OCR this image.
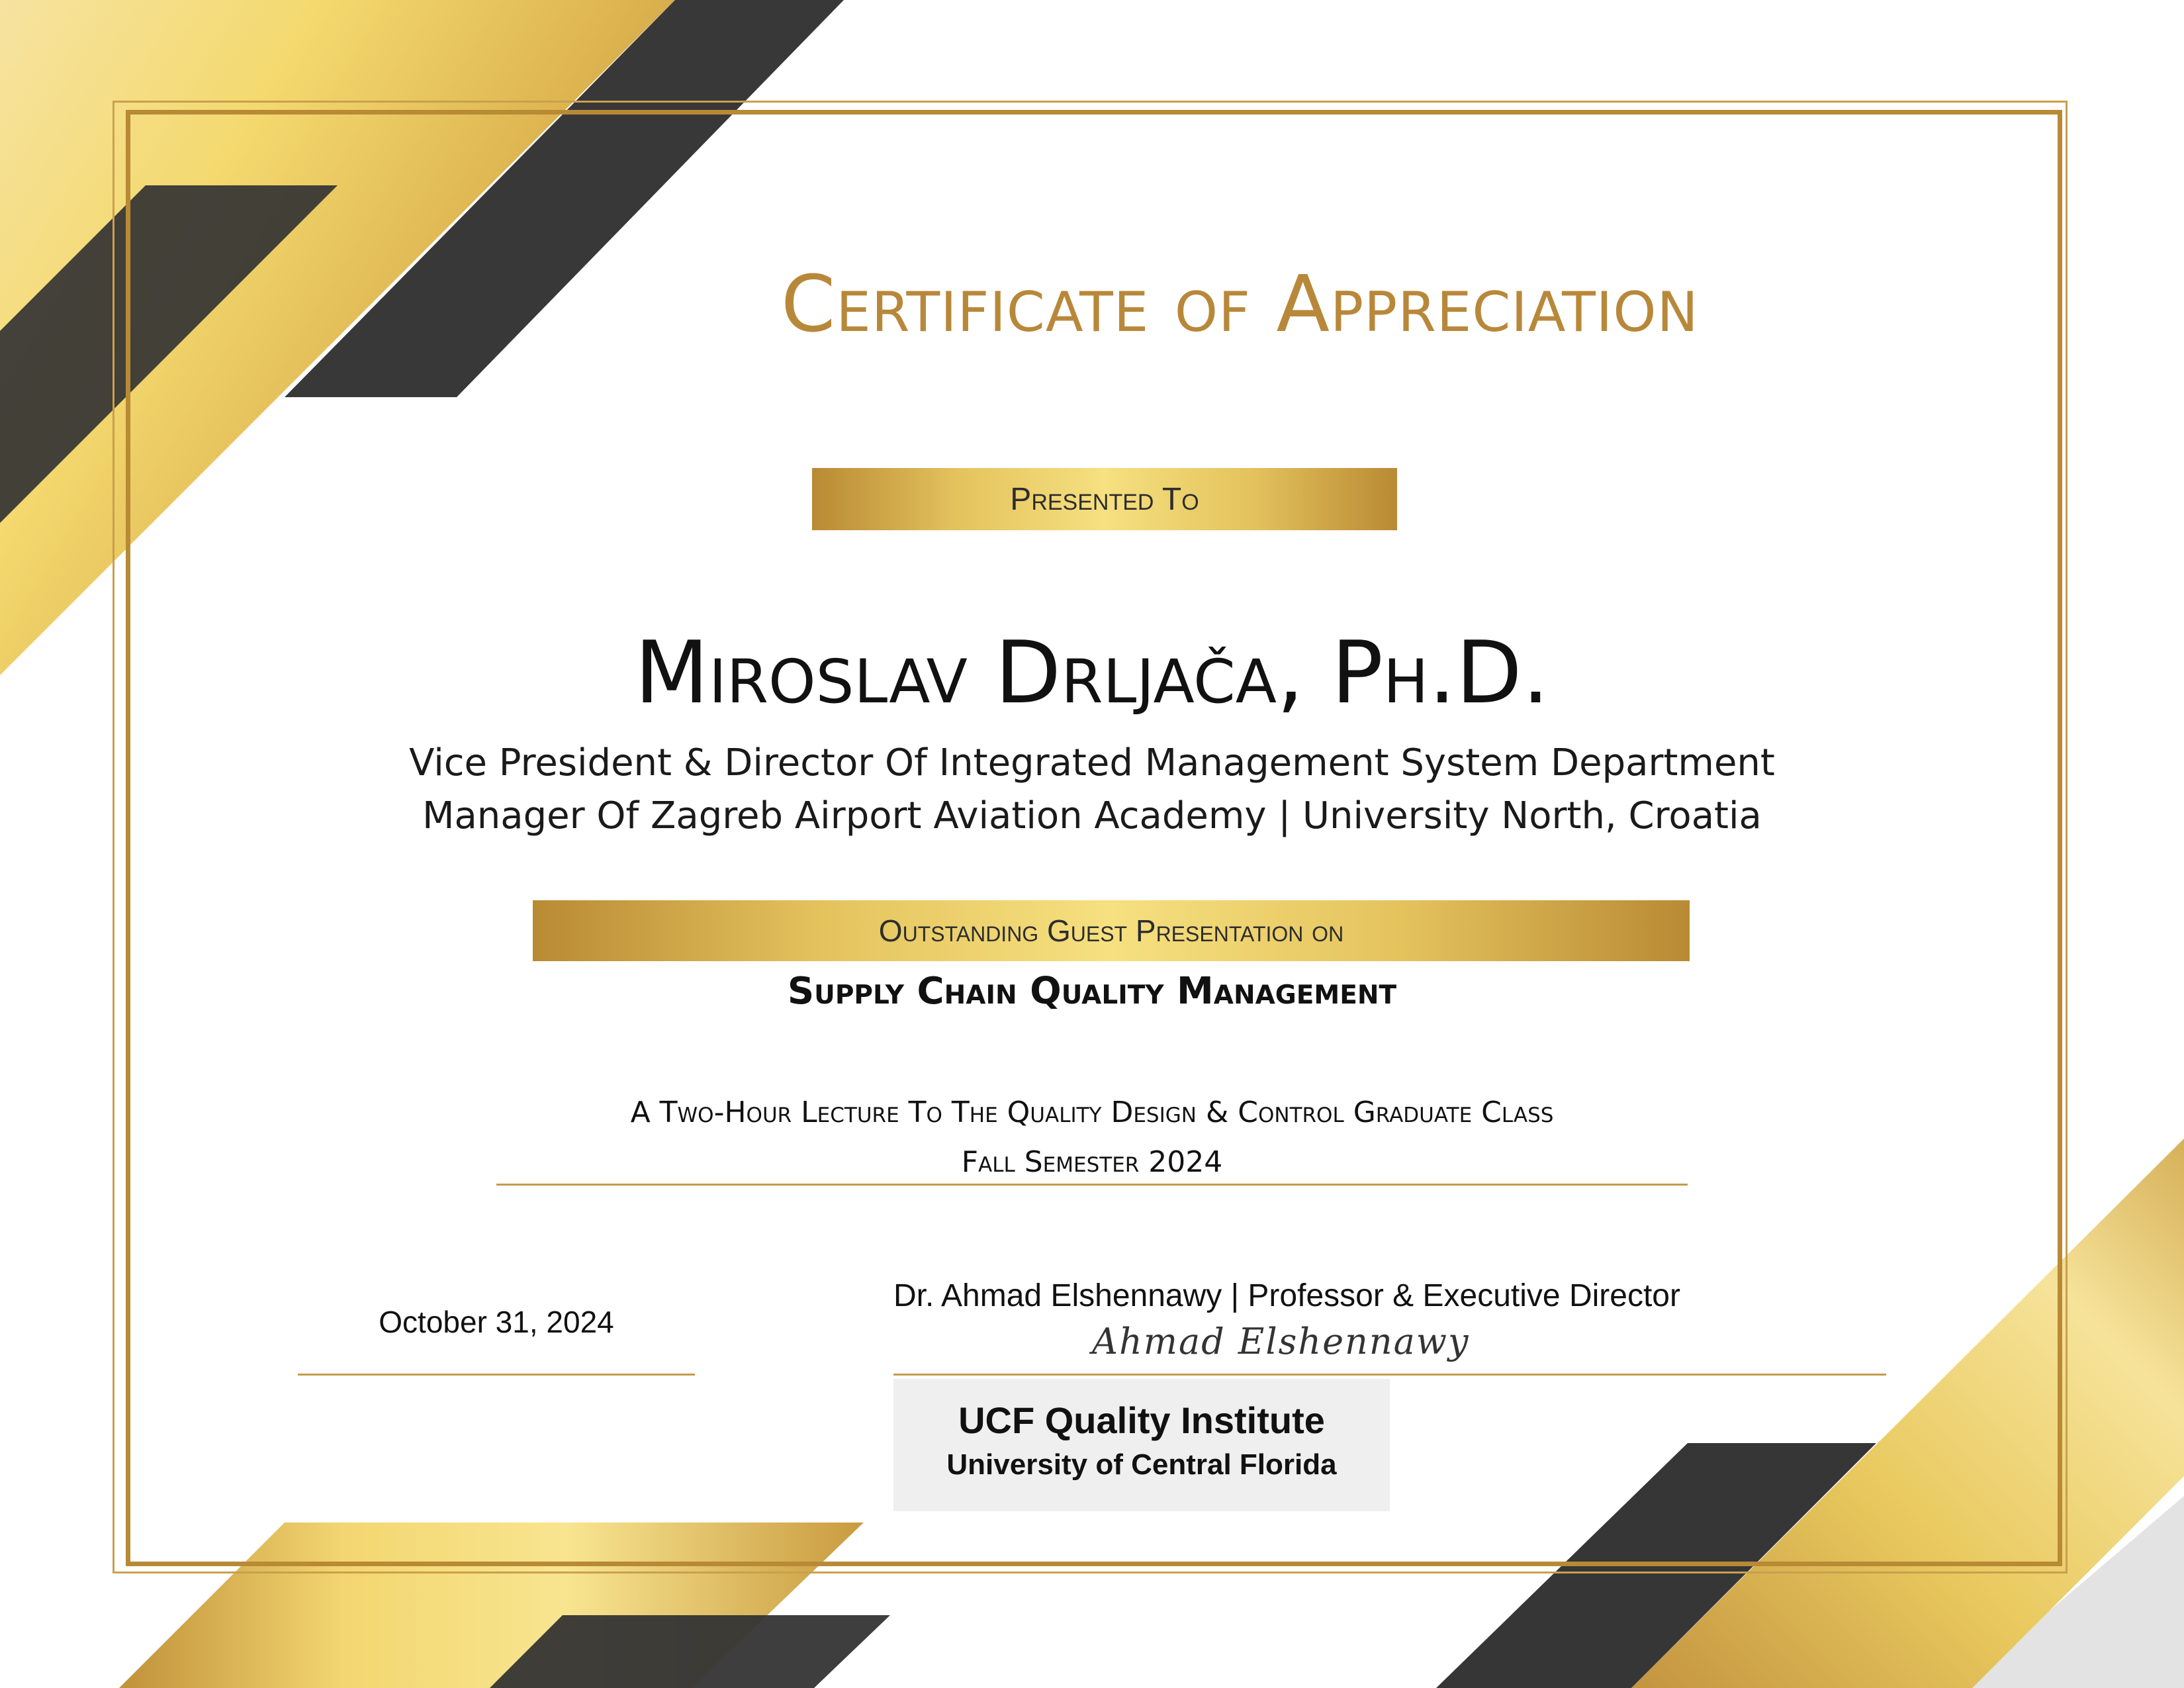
Certificate of Appreciation
Presented To
Miroslav Drljača, Ph.D.
Vice President & Director Of Integrated Management System Department
Manager Of Zagreb Airport Aviation Academy | University North, Croatia
Outstanding Guest Presentation on
Supply Chain Quality Management
A Two-Hour Lecture To The Quality Design & Control Graduate Class
Fall Semester 2024
October 31, 2024
Dr. Ahmad Elshennawy | Professor & Executive Director
Ahmad Elshennawy
UCF Quality Institute
University of Central Florida
